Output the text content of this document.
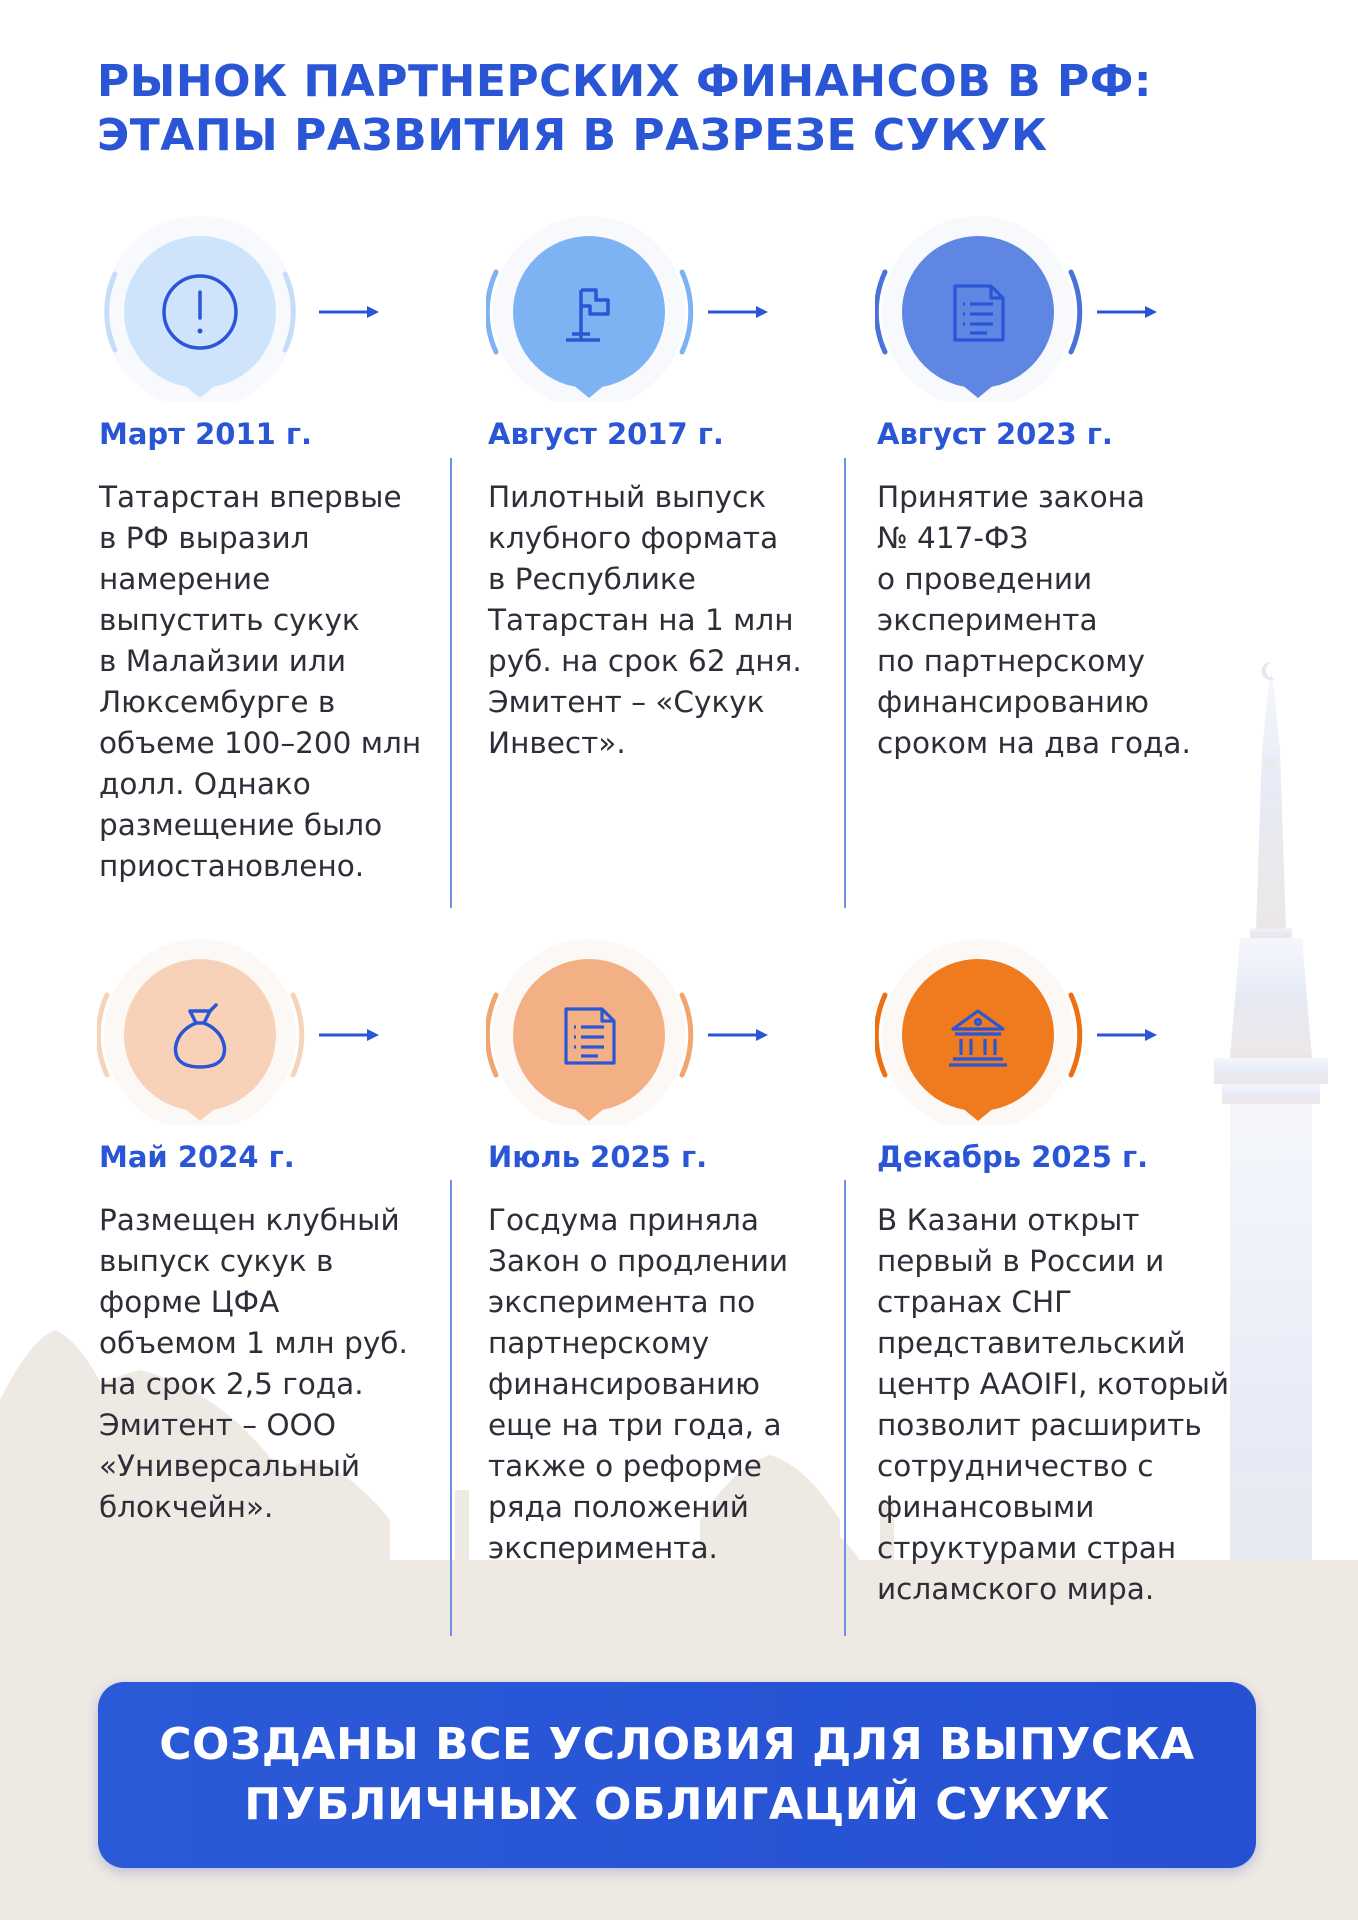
РЫНОК ПАРТНЕРСКИХ ФИНАНСОВ В РФ:
ЭТАПЫ РАЗВИТИЯ В РАЗРЕЗЕ СУКУК
Март 2011 г.

Татарстан впервые
в РФ выразил
намерение
выпустить сукук
в Малайзии или
Люксембурге в
объеме 100–200 млн
долл. Однако
размещение было
приостановлено.

Август 2017 г.

Пилотный выпуск
клубного формата
в Республике
Татарстан на 1 млн
руб. на срок 62 дня.
Эмитент – «Сукук
Инвест».

Август 2023 г.

Принятие закона
№ 417-ФЗ
о проведении
эксперимента
по партнерскому
финансированию
сроком на два года.

Май 2024 г.

Размещен клубный
выпуск сукук в
форме ЦФА
объемом 1 млн руб.
на срок 2,5 года.
Эмитент – ООО
«Универсальный
блокчейн».

Июль 2025 г.

Госдума приняла
Закон о продлении
эксперимента по
партнерскому
финансированию
еще на три года, а
также о реформе
ряда положений
эксперимента.

Декабрь 2025 г.

В Казани открыт
первый в России и
странах СНГ
представительский
центр AAOIFI, который
позволит расширить
сотрудничество с
финансовыми
структурами стран
исламского мира.

СОЗДАНЫ ВСЕ УСЛОВИЯ ДЛЯ ВЫПУСКА
ПУБЛИЧНЫХ ОБЛИГАЦИЙ СУКУК
